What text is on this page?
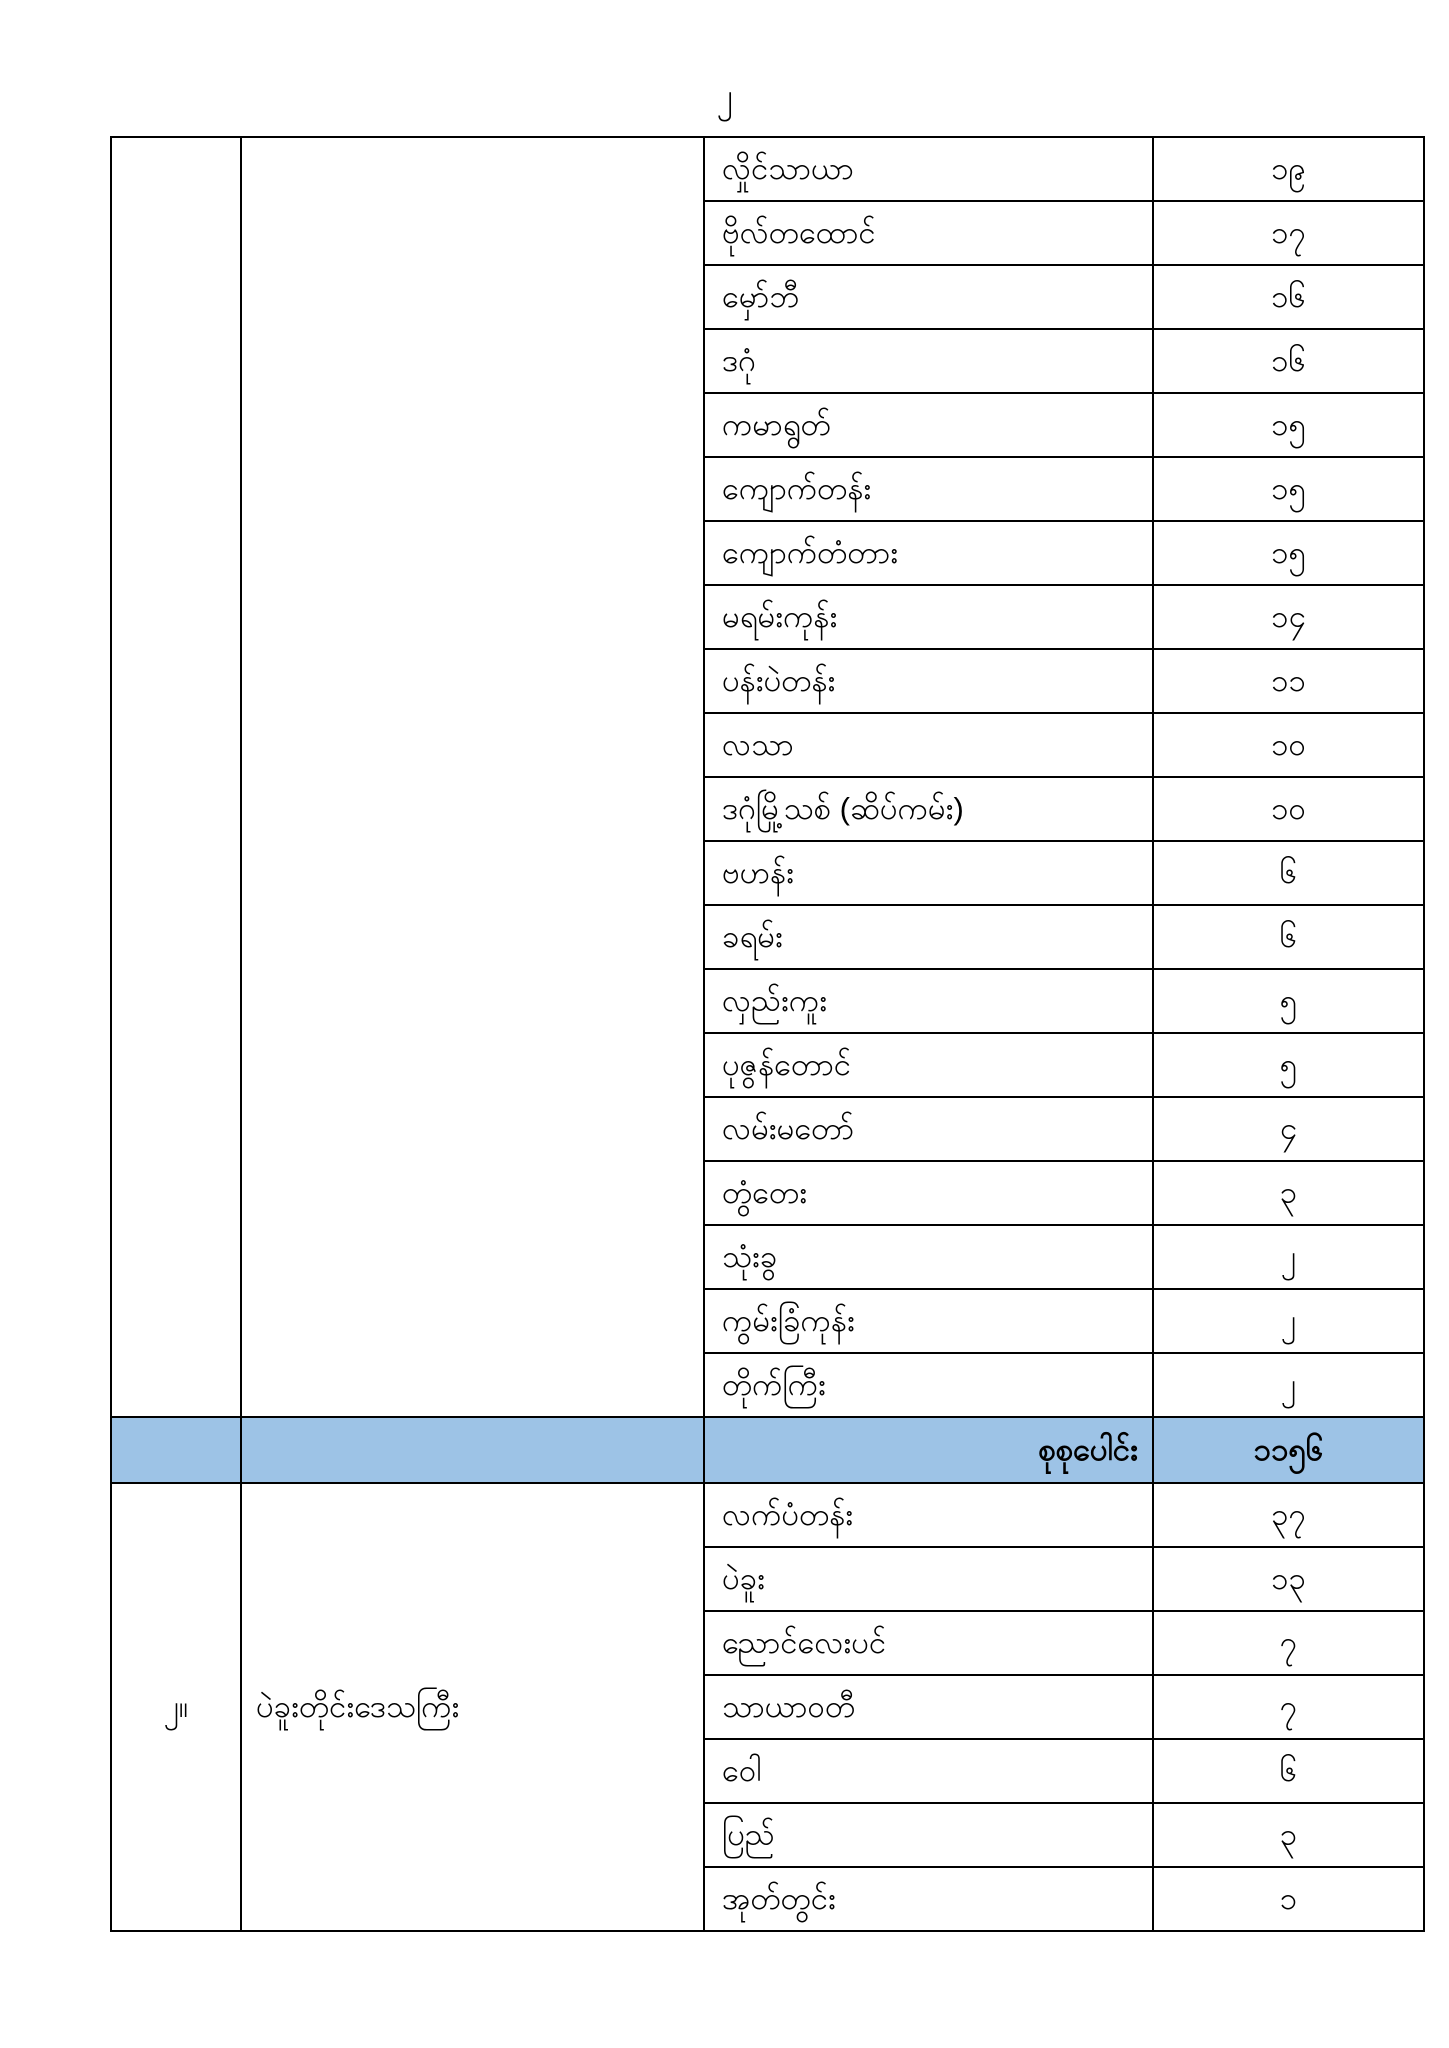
၂
		လှိုင်သာယာ	၁၉
		ဗိုလ်တထောင်	၁၇
		မှော်ဘီ	၁၆
		ဒဂုံ	၁၆
		ကမာရွတ်	၁၅
		ကျောက်တန်း	၁၅
		ကျောက်တံတား	၁၅
		မရမ်းကုန်း	၁၄
		ပန်းပဲတန်း	၁၁
		လသာ	၁၀
		ဒဂုံမြို့သစ် (ဆိပ်ကမ်း)	၁၀
		ဗဟန်း	၆
		ခရမ်း	၆
		လှည်းကူး	၅
		ပုဇွန်တောင်	၅
		လမ်းမတော်	၄
		တွံတေး	၃
		သုံးခွ	၂
		ကွမ်းခြံကုန်း	၂
		တိုက်ကြီး	၂
		စုစုပေါင်း	၁၁၅၆
၂။	ပဲခူးတိုင်းဒေသကြီး	လက်ပံတန်း	၃၇
		ပဲခူး	၁၃
		ညောင်လေးပင်	၇
		သာယာဝတီ	၇
		ဝေါ	၆
		ပြည်	၃
		အုတ်တွင်း	၁
